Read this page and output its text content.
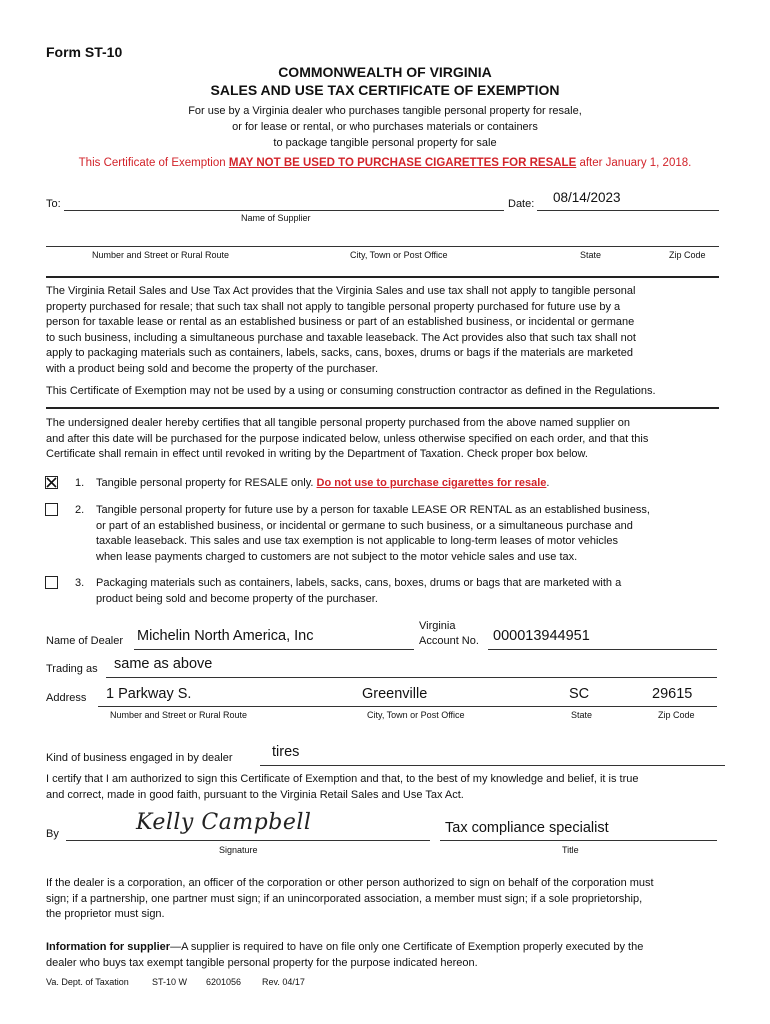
Form ST-10
COMMONWEALTH OF VIRGINIA
SALES AND USE TAX CERTIFICATE OF EXEMPTION
For use by a Virginia dealer who purchases tangible personal property for resale,
or for lease or rental, or who purchases materials or containers
to package tangible personal property for sale
This Certificate of Exemption MAY NOT BE USED TO PURCHASE CIGARETTES FOR RESALE after January 1, 2018.
To:	Date: 08/14/2023
Name of Supplier
Number and Street or Rural Route	City, Town or Post Office	State	Zip Code
The Virginia Retail Sales and Use Tax Act provides that the Virginia Sales and use tax shall not apply to tangible personal
property purchased for resale; that such tax shall not apply to tangible personal property purchased for future use by a
person for taxable lease or rental as an established business or part of an established business, or incidental or germane
to such business, including a simultaneous purchase and taxable leaseback. The Act provides also that such tax shall not
apply to packaging materials such as containers, labels, sacks, cans, boxes, drums or bags if the materials are marketed
with a product being sold and become the property of the purchaser.
This Certificate of Exemption may not be used by a using or consuming construction contractor as defined in the Regulations.
The undersigned dealer hereby certifies that all tangible personal property purchased from the above named supplier on
and after this date will be purchased for the purpose indicated below, unless otherwise specified on each order, and that this
Certificate shall remain in effect until revoked in writing by the Department of Taxation. Check proper box below.
1. Tangible personal property for RESALE only. Do not use to purchase cigarettes for resale.
2. Tangible personal property for future use by a person for taxable LEASE OR RENTAL as an established business,
or part of an established business, or incidental or germane to such business, or a simultaneous purchase and
taxable leaseback. This sales and use tax exemption is not applicable to long-term leases of motor vehicles
when lease payments charged to customers are not subject to the motor vehicle sales and use tax.
3. Packaging materials such as containers, labels, sacks, cans, boxes, drums or bags that are marketed with a
product being sold and become property of the purchaser.
Name of Dealer Michelin North America, Inc
Virginia
Account No. 000013944951
Trading as same as above
Address 1 Parkway S.	Greenville	SC	29615
Number and Street or Rural Route	City, Town or Post Office	State	Zip Code
Kind of business engaged in by dealer	tires
I certify that I am authorized to sign this Certificate of Exemption and that, to the best of my knowledge and belief, it is true
and correct, made in good faith, pursuant to the Virginia Retail Sales and Use Tax Act.
By	Kelly Campbell
Signature
Tax compliance specialist
Title
If the dealer is a corporation, an officer of the corporation or other person authorized to sign on behalf of the corporation must
sign; if a partnership, one partner must sign; if an unincorporated association, a member must sign; if a sole proprietorship,
the proprietor must sign.
Information for supplier—A supplier is required to have on file only one Certificate of Exemption properly executed by the
dealer who buys tax exempt tangible personal property for the purpose indicated hereon.
Va. Dept. of Taxation	ST-10 W 6201056 Rev. 04/17
